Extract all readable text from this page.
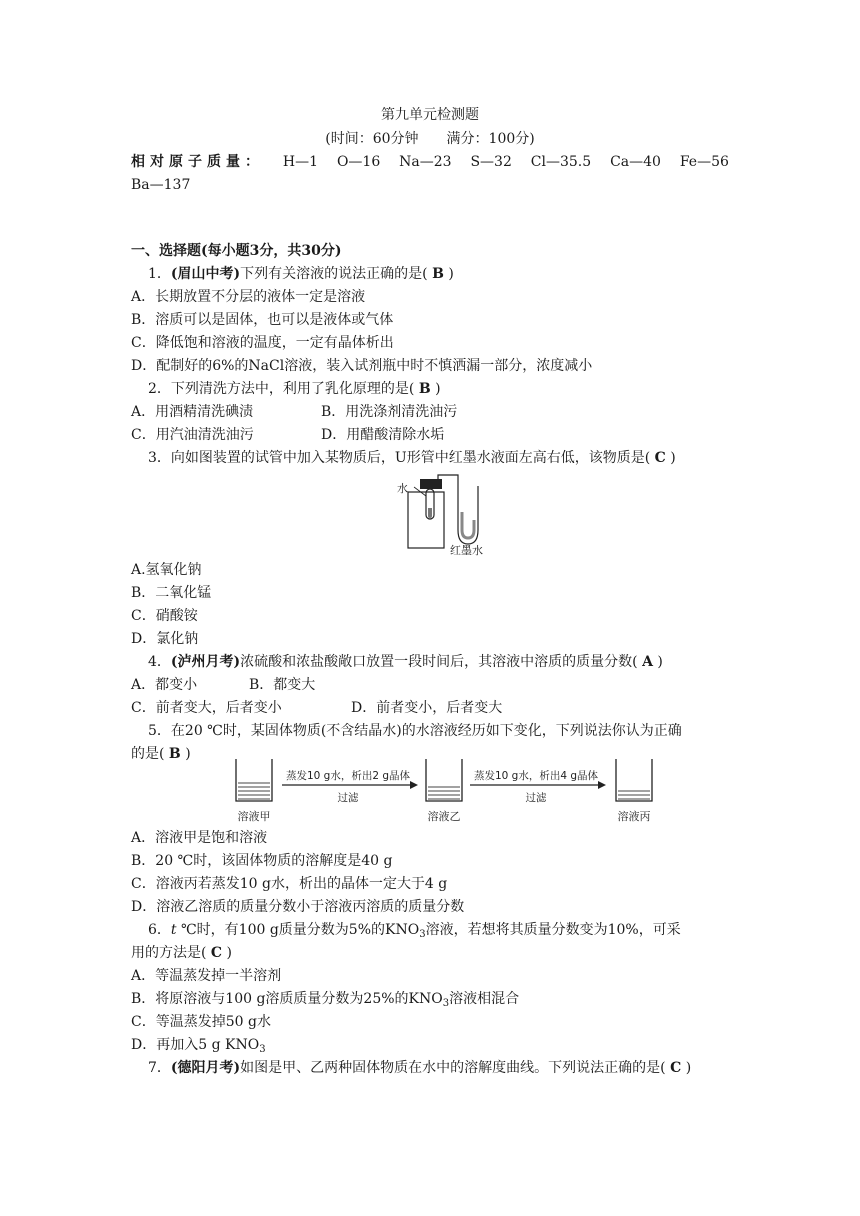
第九单元检测题
(时间：60分钟　　满分：100分)
相对原子质量： H—1 O—16 Na—23 S—32 Cl—35.5 Ca—40 Fe—56
Ba—137
一、选择题(每小题3分，共30分)
1．(眉山中考)下列有关溶液的说法正确的是( B )
A．长期放置不分层的液体一定是溶液
B．溶质可以是固体，也可以是液体或气体
C．降低饱和溶液的温度，一定有晶体析出
D．配制好的6%的NaCl溶液，装入试剂瓶中时不慎洒漏一部分，浓度减小
2．下列清洗方法中，利用了乳化原理的是( B )
A．用酒精清洗碘渍	B．用洗涤剂清洗油污
C．用汽油清洗油污	D．用醋酸清除水垢
3．向如图装置的试管中加入某物质后，U形管中红墨水液面左高右低，该物质是( C )
水
红墨水
A.氢氧化钠
B．二氧化锰
C．硝酸铵
D．氯化钠
4．(泸州月考)浓硫酸和浓盐酸敞口放置一段时间后，其溶液中溶质的质量分数( A )
A．都变小	B．都变大
C．前者变大，后者变小	D．前者变小，后者变大
5．在20 ℃时，某固体物质(不含结晶水)的水溶液经历如下变化，下列说法你认为正确
的是( B )
溶液甲
蒸发10 g水，析出2 g晶体
过滤
溶液乙
蒸发10 g水，析出4 g晶体
过滤
溶液丙
A．溶液甲是饱和溶液
B．20 ℃时，该固体物质的溶解度是40 g
C．溶液丙若蒸发10 g水，析出的晶体一定大于4 g
D．溶液乙溶质的质量分数小于溶液丙溶质的质量分数
6．t ℃时，有100 g质量分数为5%的$KNO_3$溶液，若想将其质量分数变为10%，可采
用的方法是( C )
A．等温蒸发掉一半溶剂
B．将原溶液与100 g溶质质量分数为25%的$KNO_3$溶液相混合
C．等温蒸发掉50 g水
D．再加入5 g $KNO_3$
7．(德阳月考)如图是甲、乙两种固体物质在水中的溶解度曲线。下列说法正确的是( C )
